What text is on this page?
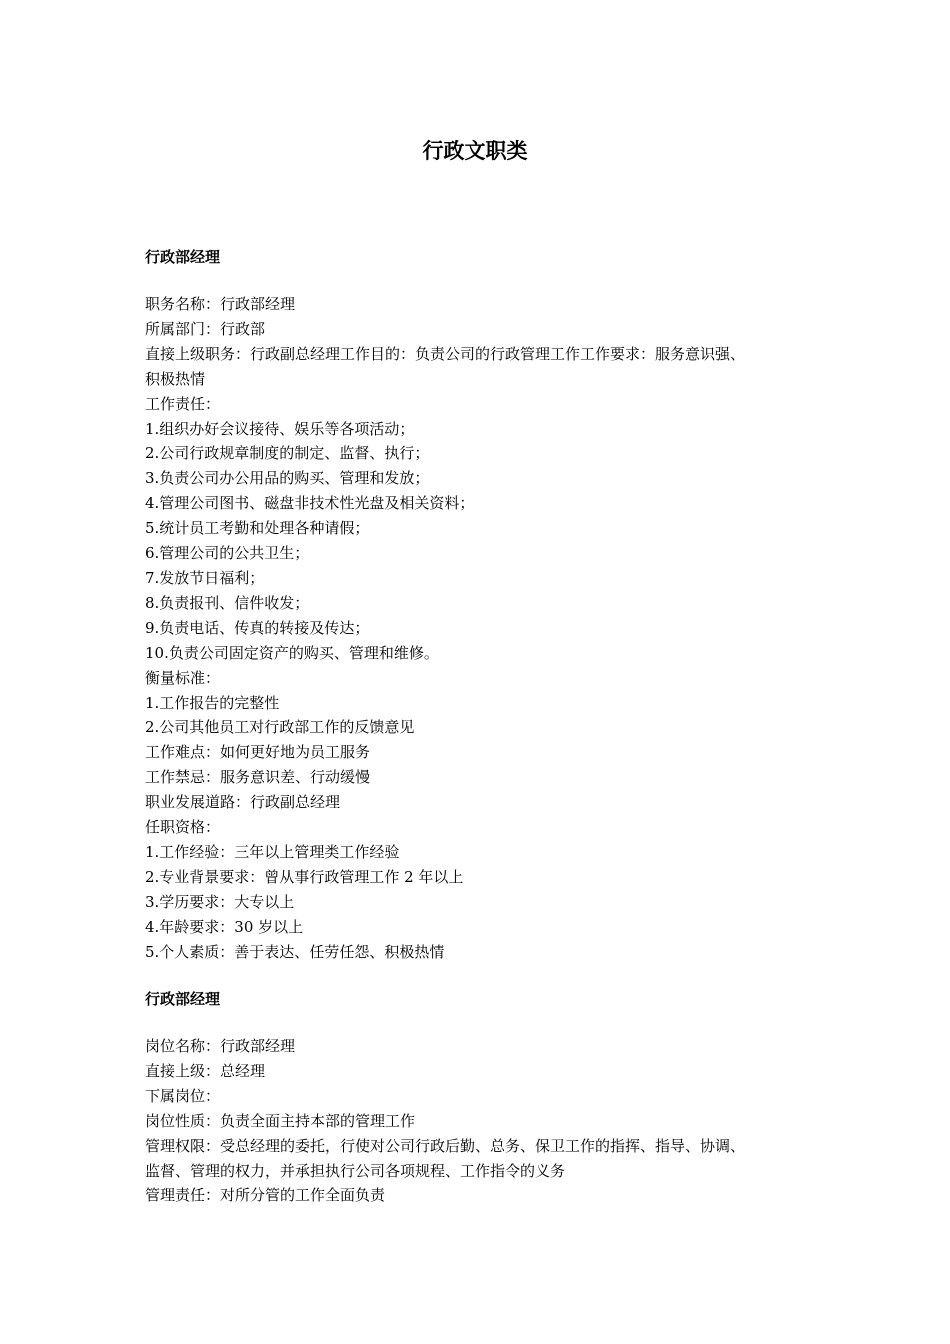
行政文职类
行政部经理

职务名称：行政部经理

所属部门：行政部

直接上级职务：行政副总经理工作目的：负责公司的行政管理工作工作要求：服务意识强、

积极热情

工作责任：

1.组织办好会议接待、娱乐等各项活动；

2.公司行政规章制度的制定、监督、执行；

3.负责公司办公用品的购买、管理和发放；

4.管理公司图书、磁盘非技术性光盘及相关资料；

5.统计员工考勤和处理各种请假；

6.管理公司的公共卫生；

7.发放节日福利；

8.负责报刊、信件收发；

9.负责电话、传真的转接及传达；

10.负责公司固定资产的购买、管理和维修。

衡量标准：

1.工作报告的完整性

2.公司其他员工对行政部工作的反馈意见

工作难点：如何更好地为员工服务

工作禁忌：服务意识差、行动缓慢

职业发展道路：行政副总经理

任职资格：

1.工作经验：三年以上管理类工作经验

2.专业背景要求：曾从事行政管理工作 2 年以上

3.学历要求：大专以上

4.年龄要求：30 岁以上

5.个人素质：善于表达、任劳任怨、积极热情

行政部经理

岗位名称：行政部经理

直接上级：总经理

下属岗位：

岗位性质：负责全面主持本部的管理工作

管理权限：受总经理的委托，行使对公司行政后勤、总务、保卫工作的指挥、指导、协调、

监督、管理的权力，并承担执行公司各项规程、工作指令的义务

管理责任：对所分管的工作全面负责
